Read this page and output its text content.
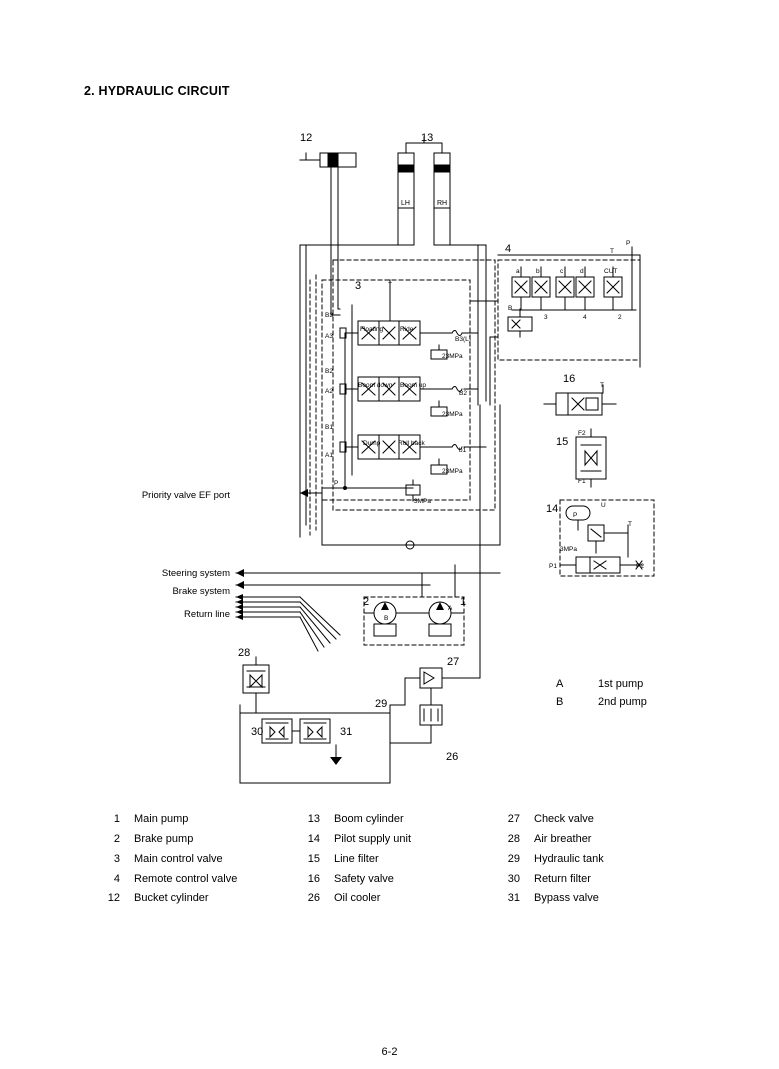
2. HYDRAULIC CIRCUIT
12	13
4
3
16
15
14
2	1
28
27
29
30	31
26
B3
A3
B2
A2
B1
A1
B3(L)
B2
b1
P
T
Floating	Ride
Boom down Boom up
Dump	Roll back
23MPa
23MPa
23MPa
3MPa
3MPa
P1	P2
F1
F2
T
U
T
P
a	b	c	d	CUT
T
P
B
3	4	2
B
A
LH	RH
Priority valve EF port
Steering system
Brake system
Return line
A	1st pump
B	2nd pump
1	Main pump	13	Boom cylinder	27	Check valve
2	Brake pump	14	Pilot supply unit	28	Air breather
3	Main control valve	15	Line filter	29	Hydraulic tank
4	Remote control valve	16	Safety valve	30	Return filter
12	Bucket cylinder	26	Oil cooler	31	Bypass valve
6-2
